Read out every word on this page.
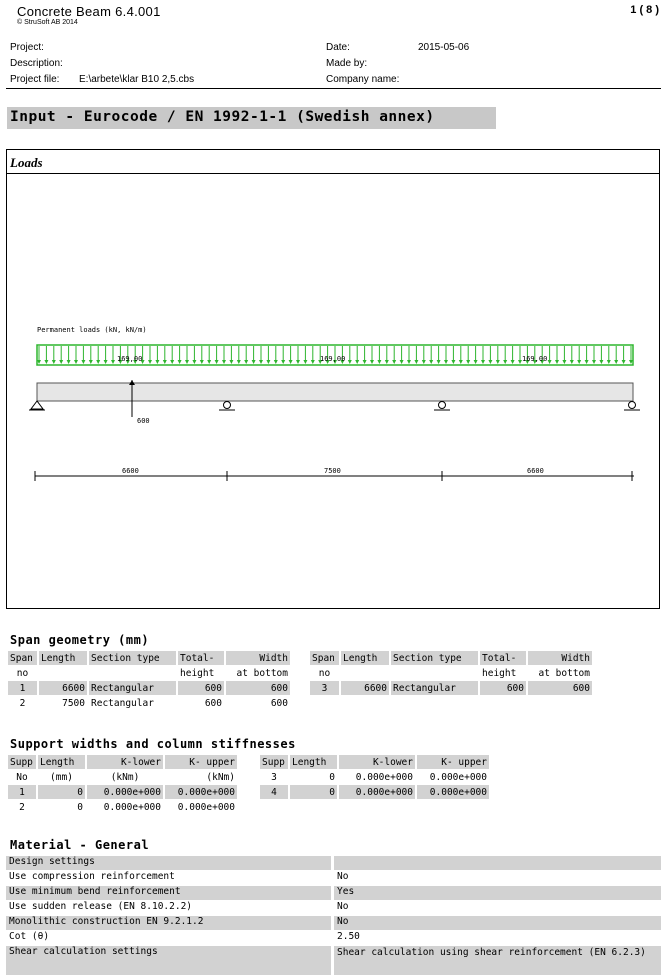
Concrete Beam 6.4.001
© StruSoft AB 2014
1 ( 8 )
Project:
Description:
Project file: E:\arbete\klar B10 2,5.cbs
Date:	2015-05-06
Made by:
Company name:
Input - Eurocode / EN 1992-1-1 (Swedish annex)
Loads
Permanent loads (kN, kN/m)
169,00	169,00	169,00
600
6600	7500	6600
Span geometry (mm)
Span	Length	Section type	Total-	Width
no			height	at bottom
1	6600	Rectangular	600	600
2	7500	Rectangular	600	600
Span	Length	Section type	Total-	Width
no			height	at bottom
3	6600	Rectangular	600	600
Support widths and column stiffnesses
Supp	Length	K-lower	K- upper
No	(mm)	(kNm)	(kNm)
1	0	0.000e+000	0.000e+000
2	0	0.000e+000	0.000e+000
Supp	Length	K-lower	K- upper
3	0	0.000e+000	0.000e+000
4	0	0.000e+000	0.000e+000
Material - General
Design settings
Use compression reinforcement	No
Use minimum bend reinforcement	Yes
Use sudden release (EN 8.10.2.2)	No
Monolithic construction EN 9.2.1.2	No
Cot (θ)	2.50
Shear calculation settings	Shear calculation using shear reinforcement (EN 6.2.3)
